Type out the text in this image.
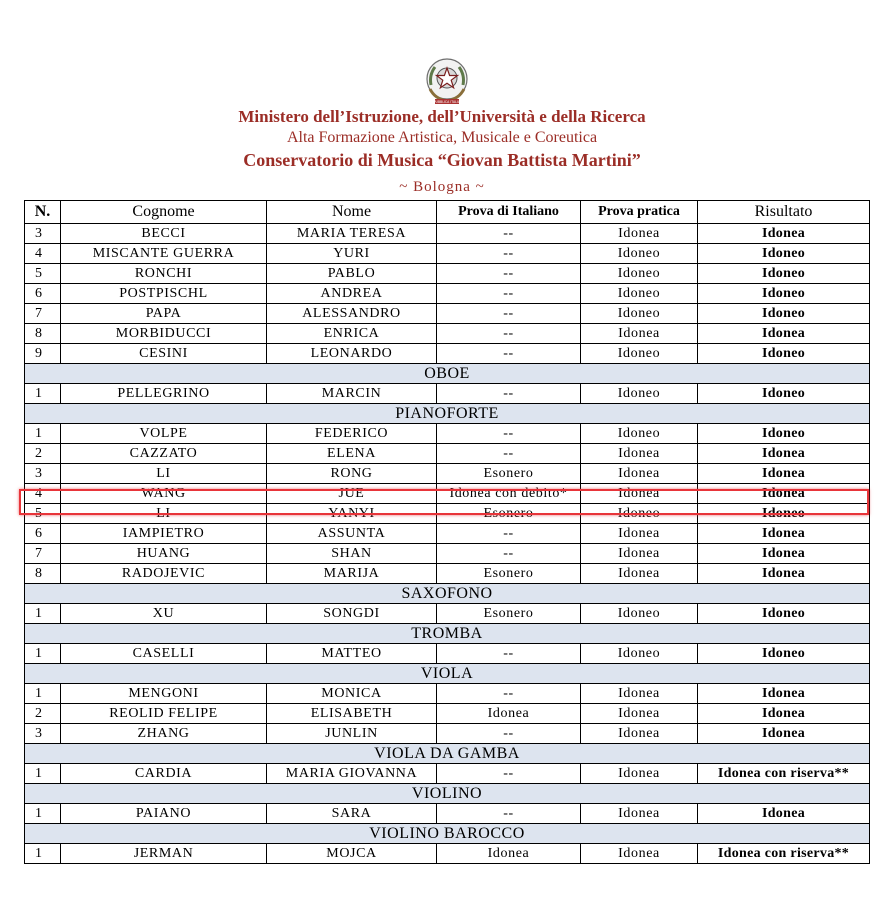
REPUBBLICA ITALIANA
Ministero dell’Istruzione, dell’Università e della Ricerca
Alta Formazione Artistica, Musicale e Coreutica
Conservatorio di Musica “Giovan Battista Martini”
~ Bologna ~
N.	Cognome	Nome	Prova di Italiano	Prova pratica	Risultato
3	BECCI	MARIA TERESA	--	Idonea	Idonea
4	MISCANTE GUERRA	YURI	--	Idoneo	Idoneo
5	RONCHI	PABLO	--	Idoneo	Idoneo
6	POSTPISCHL	ANDREA	--	Idoneo	Idoneo
7	PAPA	ALESSANDRO	--	Idoneo	Idoneo
8	MORBIDUCCI	ENRICA	--	Idonea	Idonea
9	CESINI	LEONARDO	--	Idoneo	Idoneo
OBOE					
1	PELLEGRINO	MARCIN	--	Idoneo	Idoneo
PIANOFORTE					
1	VOLPE	FEDERICO	--	Idoneo	Idoneo
2	CAZZATO	ELENA	--	Idonea	Idonea
3	LI	RONG	Esonero	Idonea	Idonea
4	WANG	JUE	Idonea con debito*	Idonea	Idonea
5	LI	YANYI	Esonero	Idoneo	Idoneo
6	IAMPIETRO	ASSUNTA	--	Idonea	Idonea
7	HUANG	SHAN	--	Idonea	Idonea
8	RADOJEVIC	MARIJA	Esonero	Idonea	Idonea
SAXOFONO					
1	XU	SONGDI	Esonero	Idoneo	Idoneo
TROMBA					
1	CASELLI	MATTEO	--	Idoneo	Idoneo
VIOLA					
1	MENGONI	MONICA	--	Idonea	Idonea
2	REOLID FELIPE	ELISABETH	Idonea	Idonea	Idonea
3	ZHANG	JUNLIN	--	Idonea	Idonea
VIOLA DA GAMBA					
1	CARDIA	MARIA GIOVANNA	--	Idonea	Idonea con riserva**
VIOLINO					
1	PAIANO	SARA	--	Idonea	Idonea
VIOLINO BAROCCO					
1	JERMAN	MOJCA	Idonea	Idonea	Idonea con riserva**
